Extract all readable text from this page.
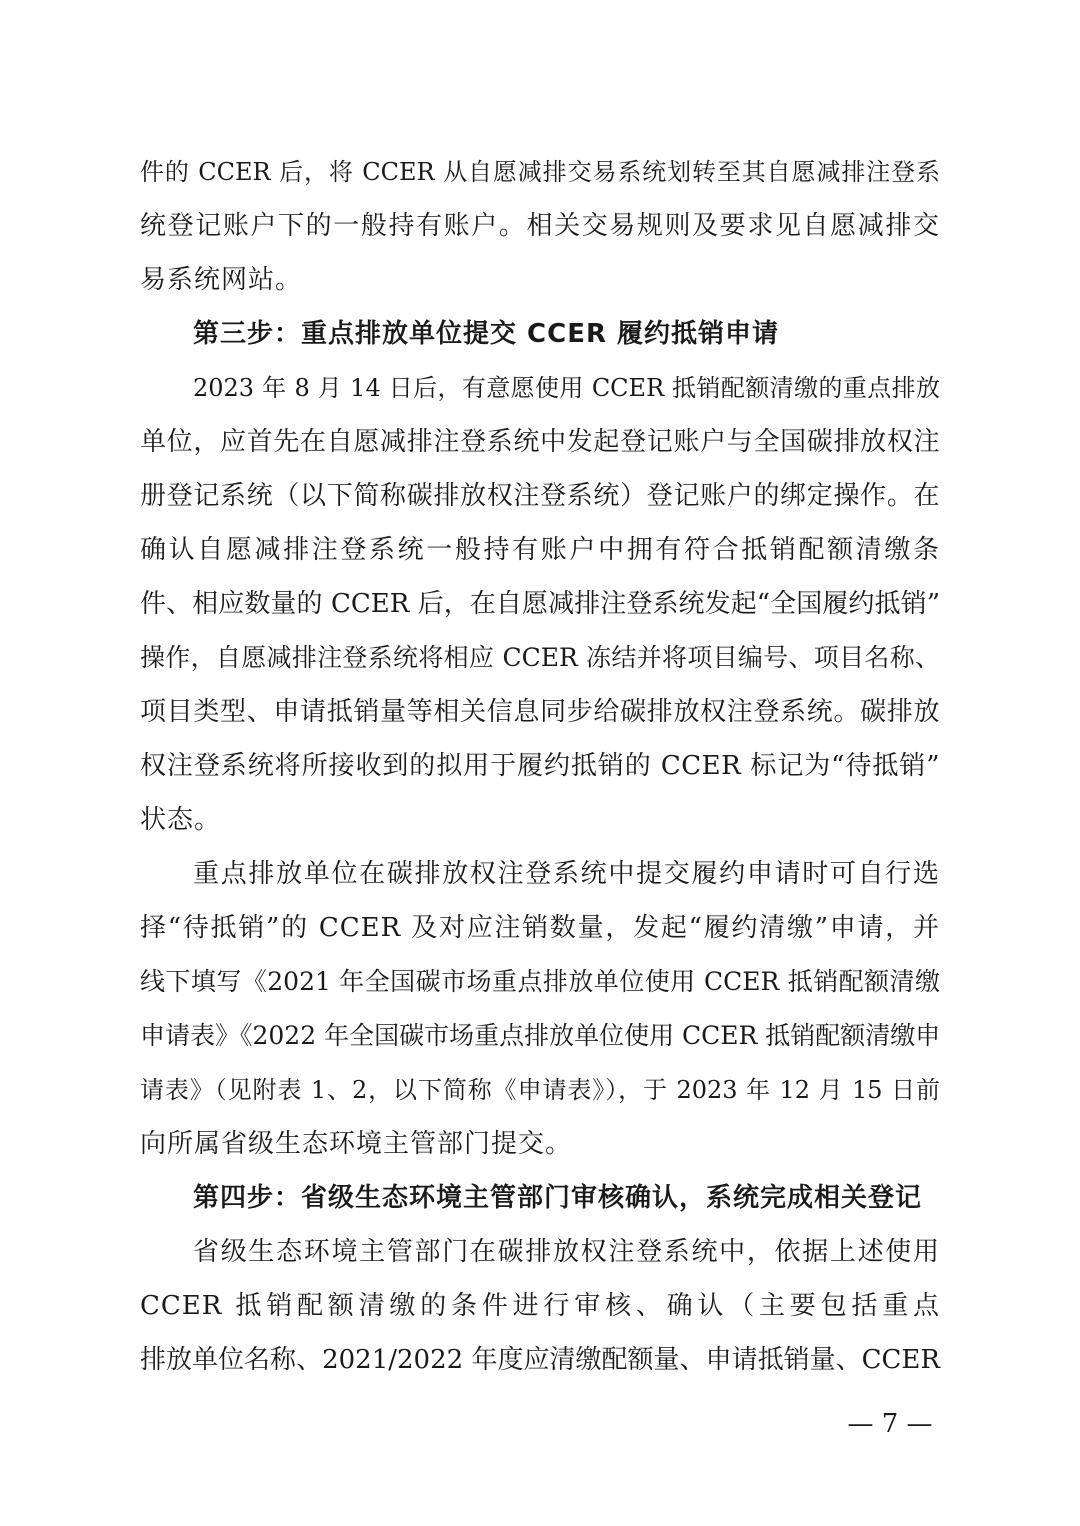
件的 CCER 后，将 CCER 从自愿减排交易系统划转至其自愿减排注登系
统登记账户下的一般持有账户。相关交易规则及要求见自愿减排交
易系统网站。
第三步：重点排放单位提交 CCER 履约抵销申请
2023 年 8 月 14 日后，有意愿使用 CCER 抵销配额清缴的重点排放
单位，应首先在自愿减排注登系统中发起登记账户与全国碳排放权注
册登记系统（以下简称碳排放权注登系统）登记账户的绑定操作。在
确认自愿减排注登系统一般持有账户中拥有符合抵销配额清缴条
件、相应数量的 CCER 后，在自愿减排注登系统发起“全国履约抵销”
操作，自愿减排注登系统将相应 CCER 冻结并将项目编号、项目名称、
项目类型、申请抵销量等相关信息同步给碳排放权注登系统。碳排放
权注登系统将所接收到的拟用于履约抵销的 CCER 标记为“待抵销”
状态。
重点排放单位在碳排放权注登系统中提交履约申请时可自行选
择“待抵销”的 CCER 及对应注销数量，发起“履约清缴”申请，并
线下填写《2021 年全国碳市场重点排放单位使用 CCER 抵销配额清缴
申请表》《2022 年全国碳市场重点排放单位使用 CCER 抵销配额清缴申
请表》（见附表 1、2，以下简称《申请表》），于 2023 年 12 月 15 日前
向所属省级生态环境主管部门提交。
第四步：省级生态环境主管部门审核确认，系统完成相关登记
省级生态环境主管部门在碳排放权注登系统中，依据上述使用
CCER 抵销配额清缴的条件进行审核、确认（主要包括重点
排放单位名称、2021/2022 年度应清缴配额量、申请抵销量、CCER
— 7 —
